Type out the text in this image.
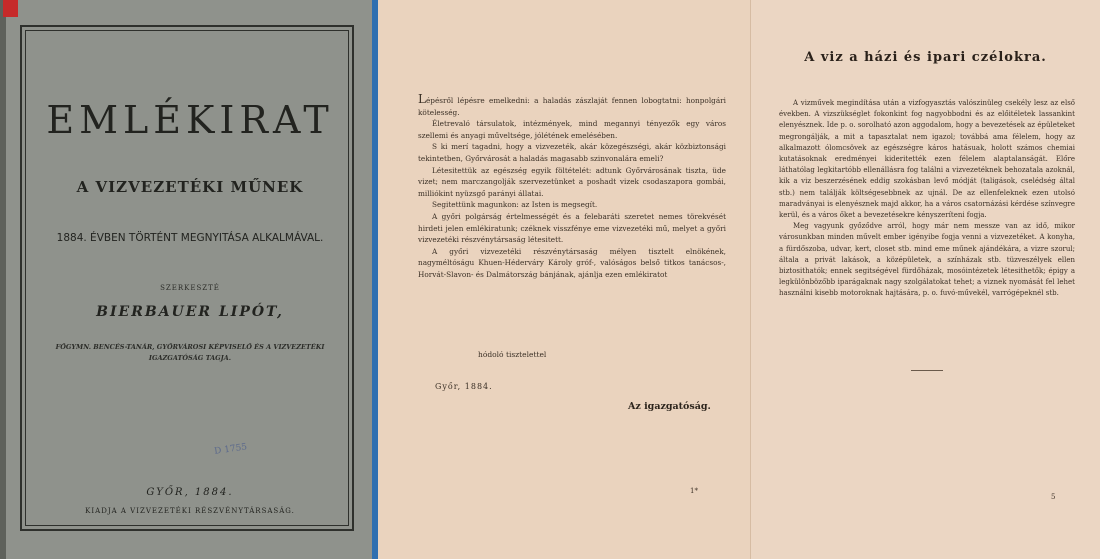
EMLÉKIRAT
A VIZVEZETÉKI MŰNEK
1884. ÉVBEN TÖRTÉNT MEGNYITÁSA ALKALMÁVAL.
SZERKESZTÉ
BIERBAUER LIPÓT,
FŐGYMN. BENCÉS-TANÁR, GYŐRVÁROSI KÉPVISELŐ ÉS A VIZVEZETÉKI IGAZGATÓSÁG TAGJA.
D 1755
GYŐR, 1884.
KIADJA A VIZVEZETÉKI RÉSZVÉNYTÁRSASÁG.

Lépésről lépésre emelkedni: a haladás zászlaját fennen lobogtatni: honpolgári kötelesség.

Életrevaló társulatok, intézmények, mind megannyi tényezők egy város szellemi és anyagi műveltsége, jólétének emelésében.

S ki merí tagadni, hogy a vizvezeték, akár közegészségi, akár közbiztonsági tekintetben, Győrvárosát a haladás magasabb szinvonalára emeli?

Létesitettük az egészség egyik föltételét: adtunk Győrvárosának tiszta, üde vizet; nem marczangolják szervezetünket a poshadt vizek csodaszapora gombái, milliókint nyüzsgő parányi állatai.

Segitettünk magunkon: az Isten is megsegít.

A győri polgárság értelmességét és a felebaráti szeretet nemes törekvését hirdeti jelen emlékiratunk; czéknek visszfénye eme vizvezetéki mű, melyet a győri vizvezetéki részvénytársaság létesitett.

A győri vizvezetéki részvénytársaság mélyen tisztelt elnökének, nagyméltóságu Khuen-Héderváry Károly gróf-, valóságos belső titkos tanácsos-, Horvát-Slavon- és Dalmátország bánjának, ajánlja ezen emlékiratot

hódoló tisztelettel
Győr, 1884.
Az igazgatóság.
1*
A viz a házi és ipari czélokra.

A vizművek megindítása után a vizfogyasztás valószinüleg csekély lesz az első években. A vizszükséglet fokonkint fog nagyobbodni és az előitéletek lassankint elenyésznek. Ide p. o. sorolható azon aggodalom, hogy a bevezetések az épületeket megrongálják, a mit a tapasztalat nem igazol; továbbá ama félelem, hogy az alkalmazott ólomcsövek az egészségre káros hatásuak, holott számos chemiai kutatásoknak eredményei kideritették ezen félelem alaptalanságát. Előre láthatólag legkitartóbb ellenállásra fog találni a vizvezetéknek behozatala azoknál, kik a viz beszerzésének eddig szokásban levő módját (taligások, cselédség által stb.) nem találják költségesebbnek az ujnál. De az ellenfeleknek ezen utolsó maradványai is elenyésznek majd akkor, ha a város csatornázási kérdése színvegre kerül, és a város őket a bevezetésekre kényszeríteni fogja.

Meg vagyunk győződve arról, hogy már nem messze van az idő, mikor városunkban minden művelt ember igényibe fogja venni a vizvezetéket. A konyha, a fürdőszoba, udvar, kert, closet stb. mind eme műnek ajándékára, a vizre szorul; általa a privát lakások, a középületek, a színházak stb. tüzveszélyek ellen biztosithatók; ennek segitségével fürdőházak, mosóintézetek létesithetők; épigy a legkülönbözőbb iparágaknak nagy szolgálatokat tehet; a viznek nyomását fel lehet használni kisebb motoroknak hajtására, p. o. fuvó-művekél, varrógépeknél stb.

5
